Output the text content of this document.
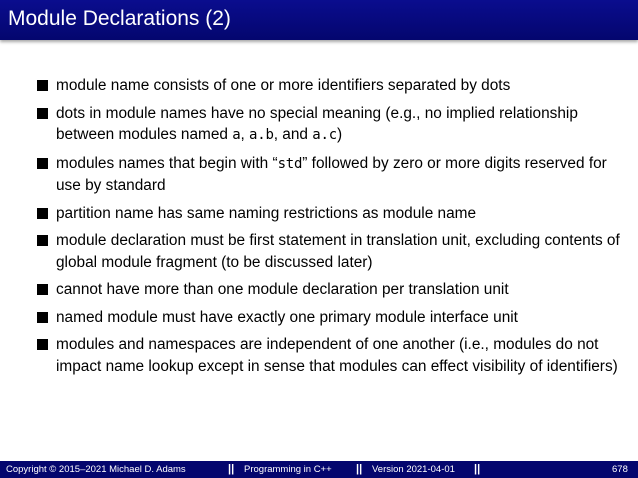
Module Declarations (2)
module name consists of one or more identifiers separated by dots
dots in module names have no special meaning (e.g., no implied relationship between modules named a, a.b, and a.c)
modules names that begin with “std” followed by zero or more digits reserved for use by standard
partition name has same naming restrictions as module name
module declaration must be first statement in translation unit, excluding contents of global module fragment (to be discussed later)
cannot have more than one module declaration per translation unit
named module must have exactly one primary module interface unit
modules and namespaces are independent of one another (i.e., modules do not impact name lookup except in sense that modules can effect visibility of identifiers)
Copyright © 2015–2021 Michael D. Adams	|| Programming in C++ || Version 2021-04-01 ||	678
